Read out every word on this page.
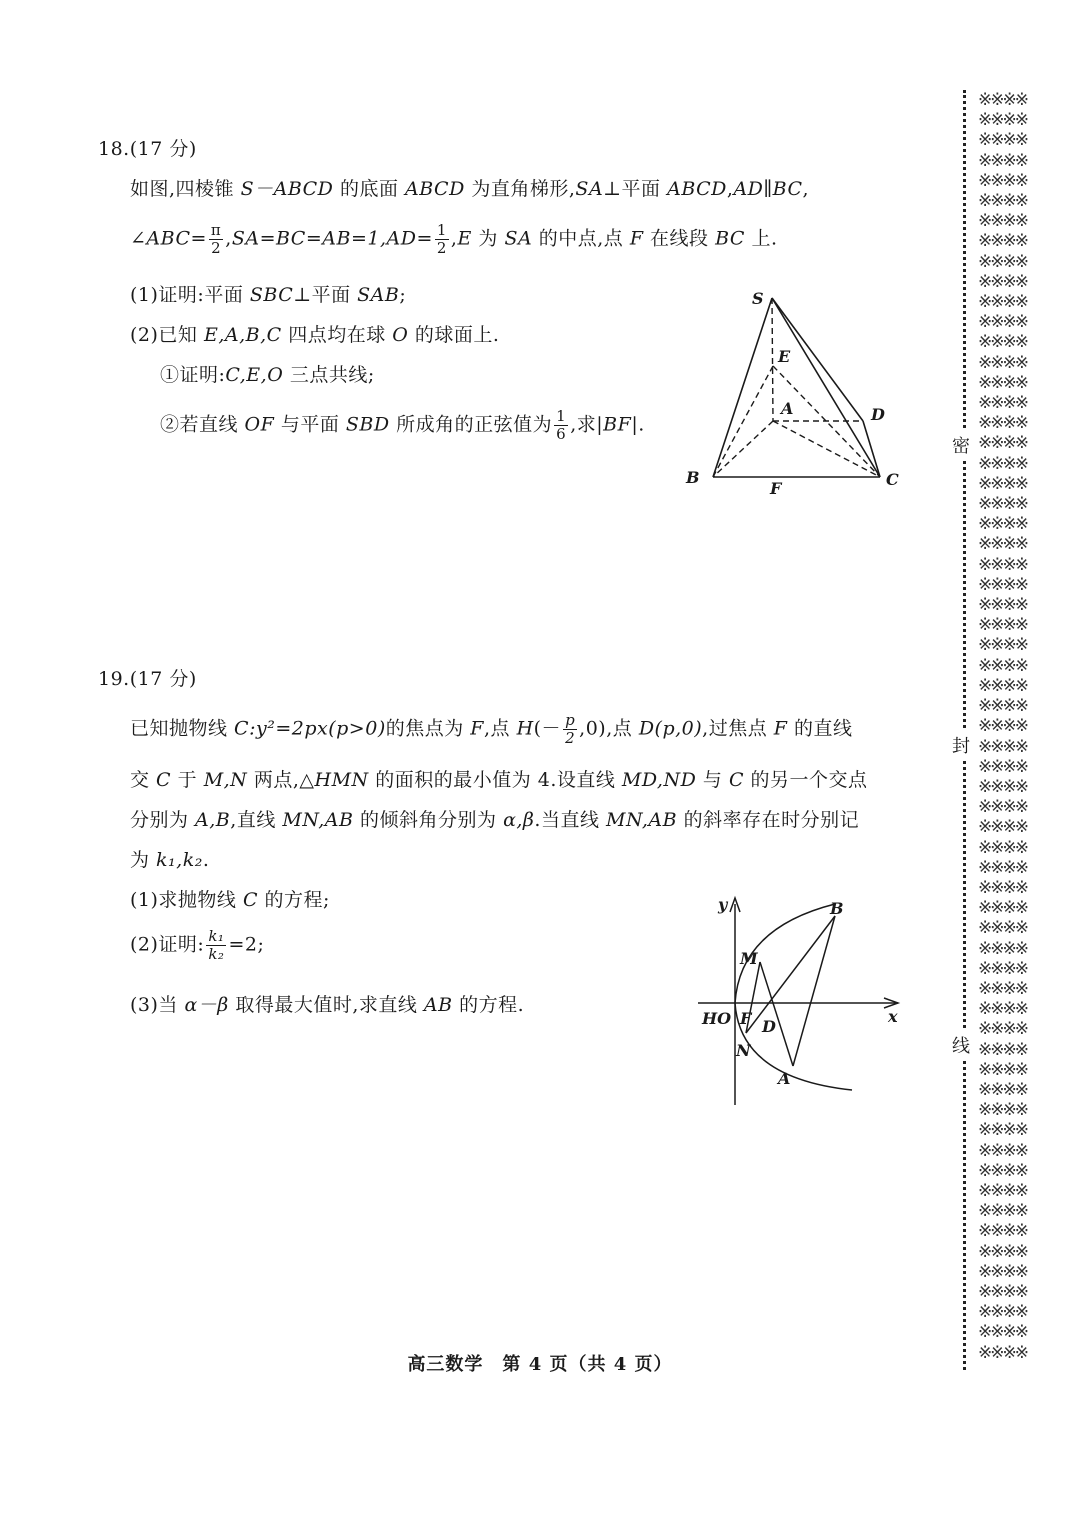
18.(17 分)
如图,四棱锥 S－ABCD 的底面 ABCD 为直角梯形,SA⊥平面 ABCD,AD∥BC,
∠ABC= $\frac{\pi}{2} ,SA=BC=AB=1,AD= \frac{1}{2} ,E$ 为 SA 的中点,点 F 在线段 BC 上.
(1)证明:平面 SBC⊥平面 SAB;
(2)已知 E,A,B,C 四点均在球 O 的球面上.
①证明:C,E,O 三点共线;
②若直线 OF 与平面 SBD 所成角的正弦值为 $\frac{1}{6}$ ,求|BF|.
S
E
A	D
B
F	C
19.(17 分)
已知抛物线 C:y²=2px(p>0)的焦点为 F,点 $H(- \frac{p}{2} ,0)$,点 D(p,0),过焦点 F 的直线
交 C 于 M,N 两点,△HMN 的面积的最小值为 4.设直线 MD,ND 与 C 的另一个交点
分别为 A,B,直线 MN,AB 的倾斜角分别为 α,β.当直线 MN,AB 的斜率存在时分别记
为 k₁,k₂.
(1)求抛物线 C 的方程;
(2)证明: $\frac{\text{k₁}}{\text{k₂}} =2$;
(3)当 α－β 取得最大值时,求直线 AB 的方程.
y
x
B
M
HO F D
N
A
※※※※
※※※※
※※※※
※※※※
※※※※
※※※※
※※※※
※※※※
※※※※
※※※※
※※※※
※※※※
※※※※
※※※※
※※※※
※※※※
※※※※
※※※※
※※※※
※※※※
※※※※
※※※※
※※※※
※※※※
※※※※
※※※※
※※※※
※※※※
※※※※
※※※※
※※※※
※※※※
※※※※
※※※※
※※※※
※※※※
※※※※
※※※※
※※※※
※※※※
※※※※
※※※※
※※※※
※※※※
※※※※
※※※※
※※※※
※※※※
※※※※
※※※※
※※※※
※※※※
※※※※
※※※※
※※※※
※※※※
※※※※
※※※※
※※※※
※※※※
※※※※
※※※※
※※※※
密
封
线
高三数学　第 4 页（共 4 页）
